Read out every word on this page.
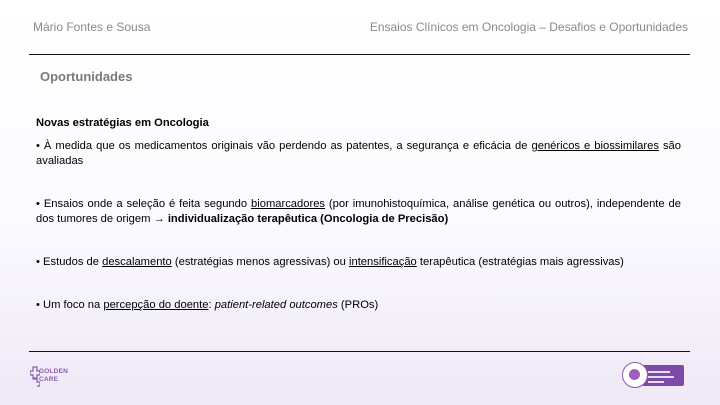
Mário Fontes e Sousa	Ensaios Clínicos em Oncologia – Desafios e Oportunidades
Oportunidades

Novas estratégias em Oncologia

• À medida que os medicamentos originais vão perdendo as patentes, a segurança e eficácia de genéricos e biossimilares são avaliadas

• Ensaios onde a seleção é feita segundo biomarcadores (por imunohistoquímica, análise genética ou outros), independente de dos tumores de origem → individualização terapêutica (Oncologia de Precisão)

• Estudos de descalamento (estratégias menos agressivas) ou intensificação terapêutica (estratégias mais agressivas)

• Um foco na percepção do doente: patient-related outcomes (PROs)

GOLDEN
CARE
